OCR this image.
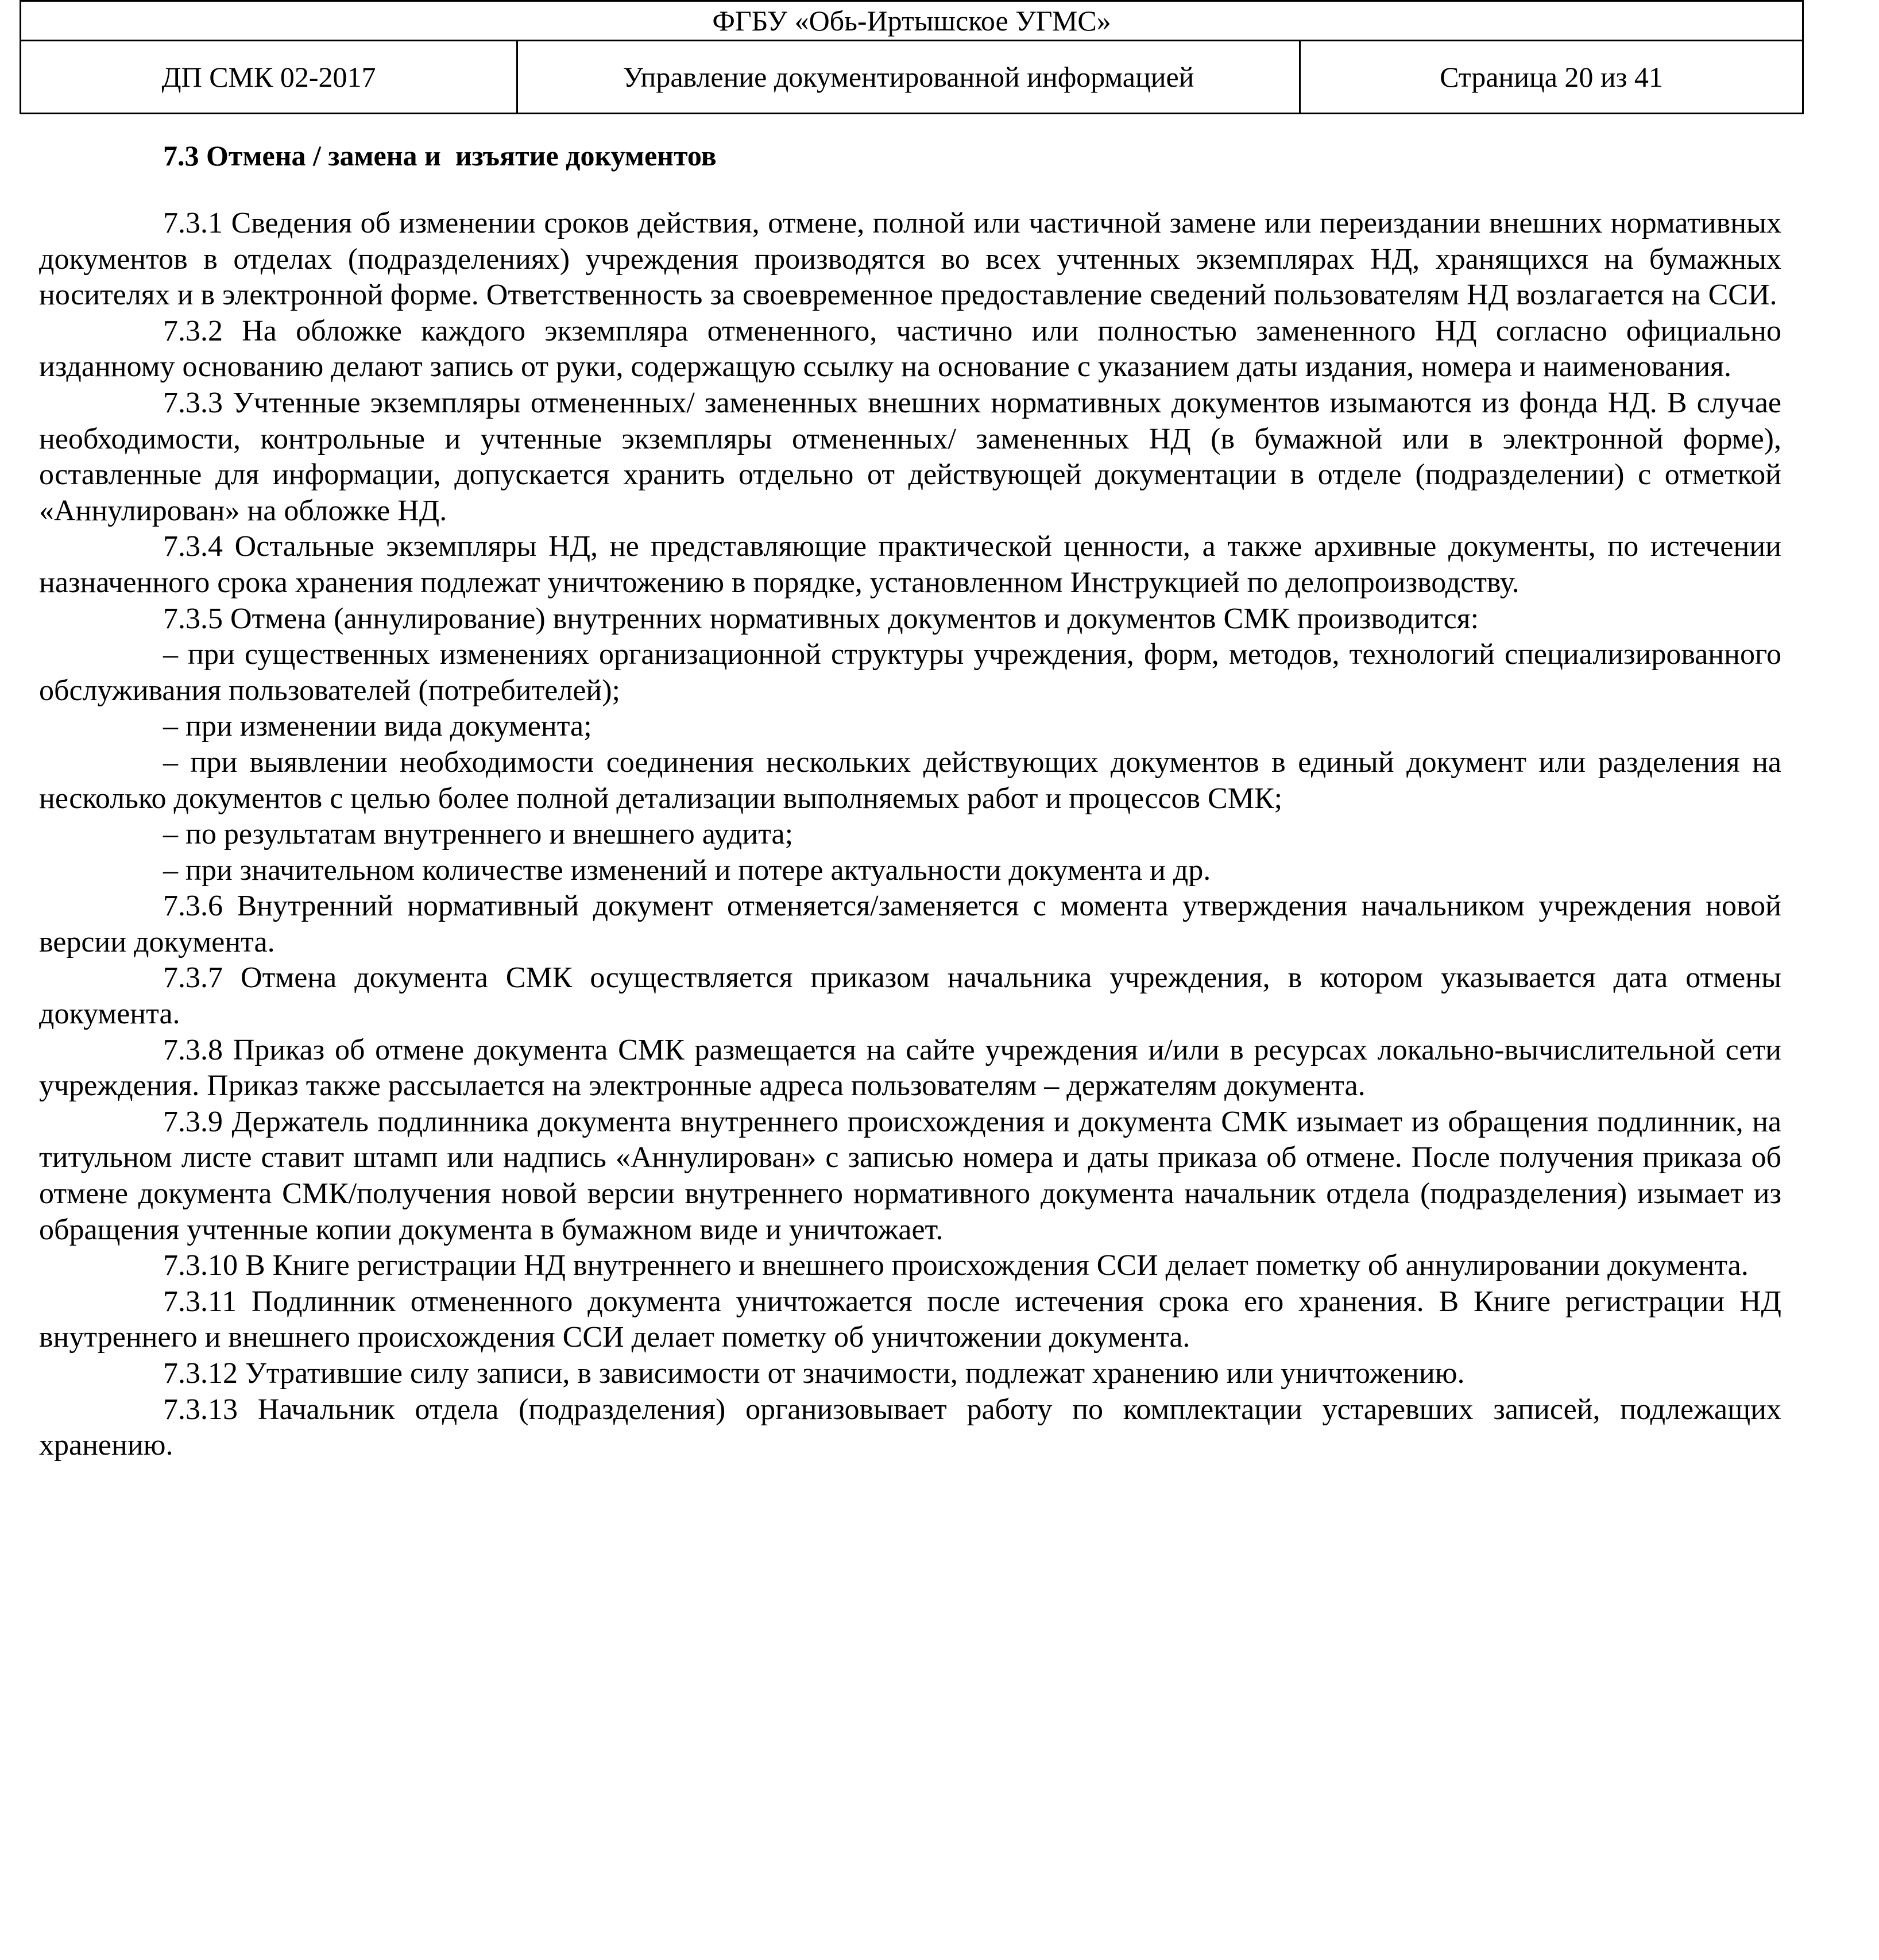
ФГБУ «Обь-Иртышское УГМС»
ДП СМК 02-2017	Управление документированной информацией	Страница 20 из 41
7.3 Отмена / замена и  изъятие документов

7.3.1 Сведения об изменении сроков действия, отмене, полной или частичной замене или переиздании внешних нормативных документов в отделах (подразделениях) учреждения производятся во всех учтенных экземплярах НД, хранящихся на бумажных носителях и в электронной форме. Ответственность за своевременное предоставление сведений пользователям НД возлагается на ССИ.

7.3.2 На обложке каждого экземпляра отмененного, частично или полностью замененного НД согласно официально изданному основанию делают запись от руки, содержащую ссылку на основание с указанием даты издания, номера и наименования.

7.3.3 Учтенные экземпляры отмененных/ замененных внешних нормативных документов изымаются из фонда НД. В случае необходимости, контрольные и учтенные экземпляры отмененных/ замененных НД (в бумажной или в электронной форме), оставленные для информации, допускается хранить отдельно от действующей документации в отделе (подразделении) с отметкой «Аннулирован» на обложке НД.

7.3.4 Остальные экземпляры НД, не представляющие практической ценности, а также архивные документы, по истечении назначенного срока хранения подлежат уничтожению в порядке, установленном Инструкцией по делопроизводству.

7.3.5 Отмена (аннулирование) внутренних нормативных документов и документов СМК производится:

– при существенных изменениях организационной структуры учреждения, форм, методов, технологий специализированного обслуживания пользователей (потребителей);

– при изменении вида документа;

– при выявлении необходимости соединения нескольких действующих документов в единый документ или разделения на несколько документов с целью более полной детализации выполняемых работ и процессов СМК;

– по результатам внутреннего и внешнего аудита;

– при значительном количестве изменений и потере актуальности документа и др.

7.3.6 Внутренний нормативный документ отменяется/заменяется с момента утверждения начальником учреждения новой версии документа.

7.3.7 Отмена документа СМК осуществляется приказом начальника учреждения, в котором указывается дата отмены документа.

7.3.8 Приказ об отмене документа СМК размещается на сайте учреждения и/или в ресурсах локально-вычислительной сети учреждения. Приказ также рассылается на электронные адреса пользователям – держателям документа.

7.3.9 Держатель подлинника документа внутреннего происхождения и документа СМК изымает из обращения подлинник, на титульном листе ставит штамп или надпись «Аннулирован» с записью номера и даты приказа об отмене. После получения приказа об отмене документа СМК/получения новой версии внутреннего нормативного документа начальник отдела (подразделения) изымает из обращения учтенные копии документа в бумажном виде и уничтожает.

7.3.10 В Книге регистрации НД внутреннего и внешнего происхождения ССИ делает пометку об аннулировании документа.

7.3.11 Подлинник отмененного документа уничтожается после истечения срока его хранения. В Книге регистрации НД внутреннего и внешнего происхождения ССИ делает пометку об уничтожении документа.

7.3.12 Утратившие силу записи, в зависимости от значимости, подлежат хранению или уничтожению.

7.3.13 Начальник отдела (подразделения) организовывает работу по комплектации устаревших записей, подлежащих хранению.
